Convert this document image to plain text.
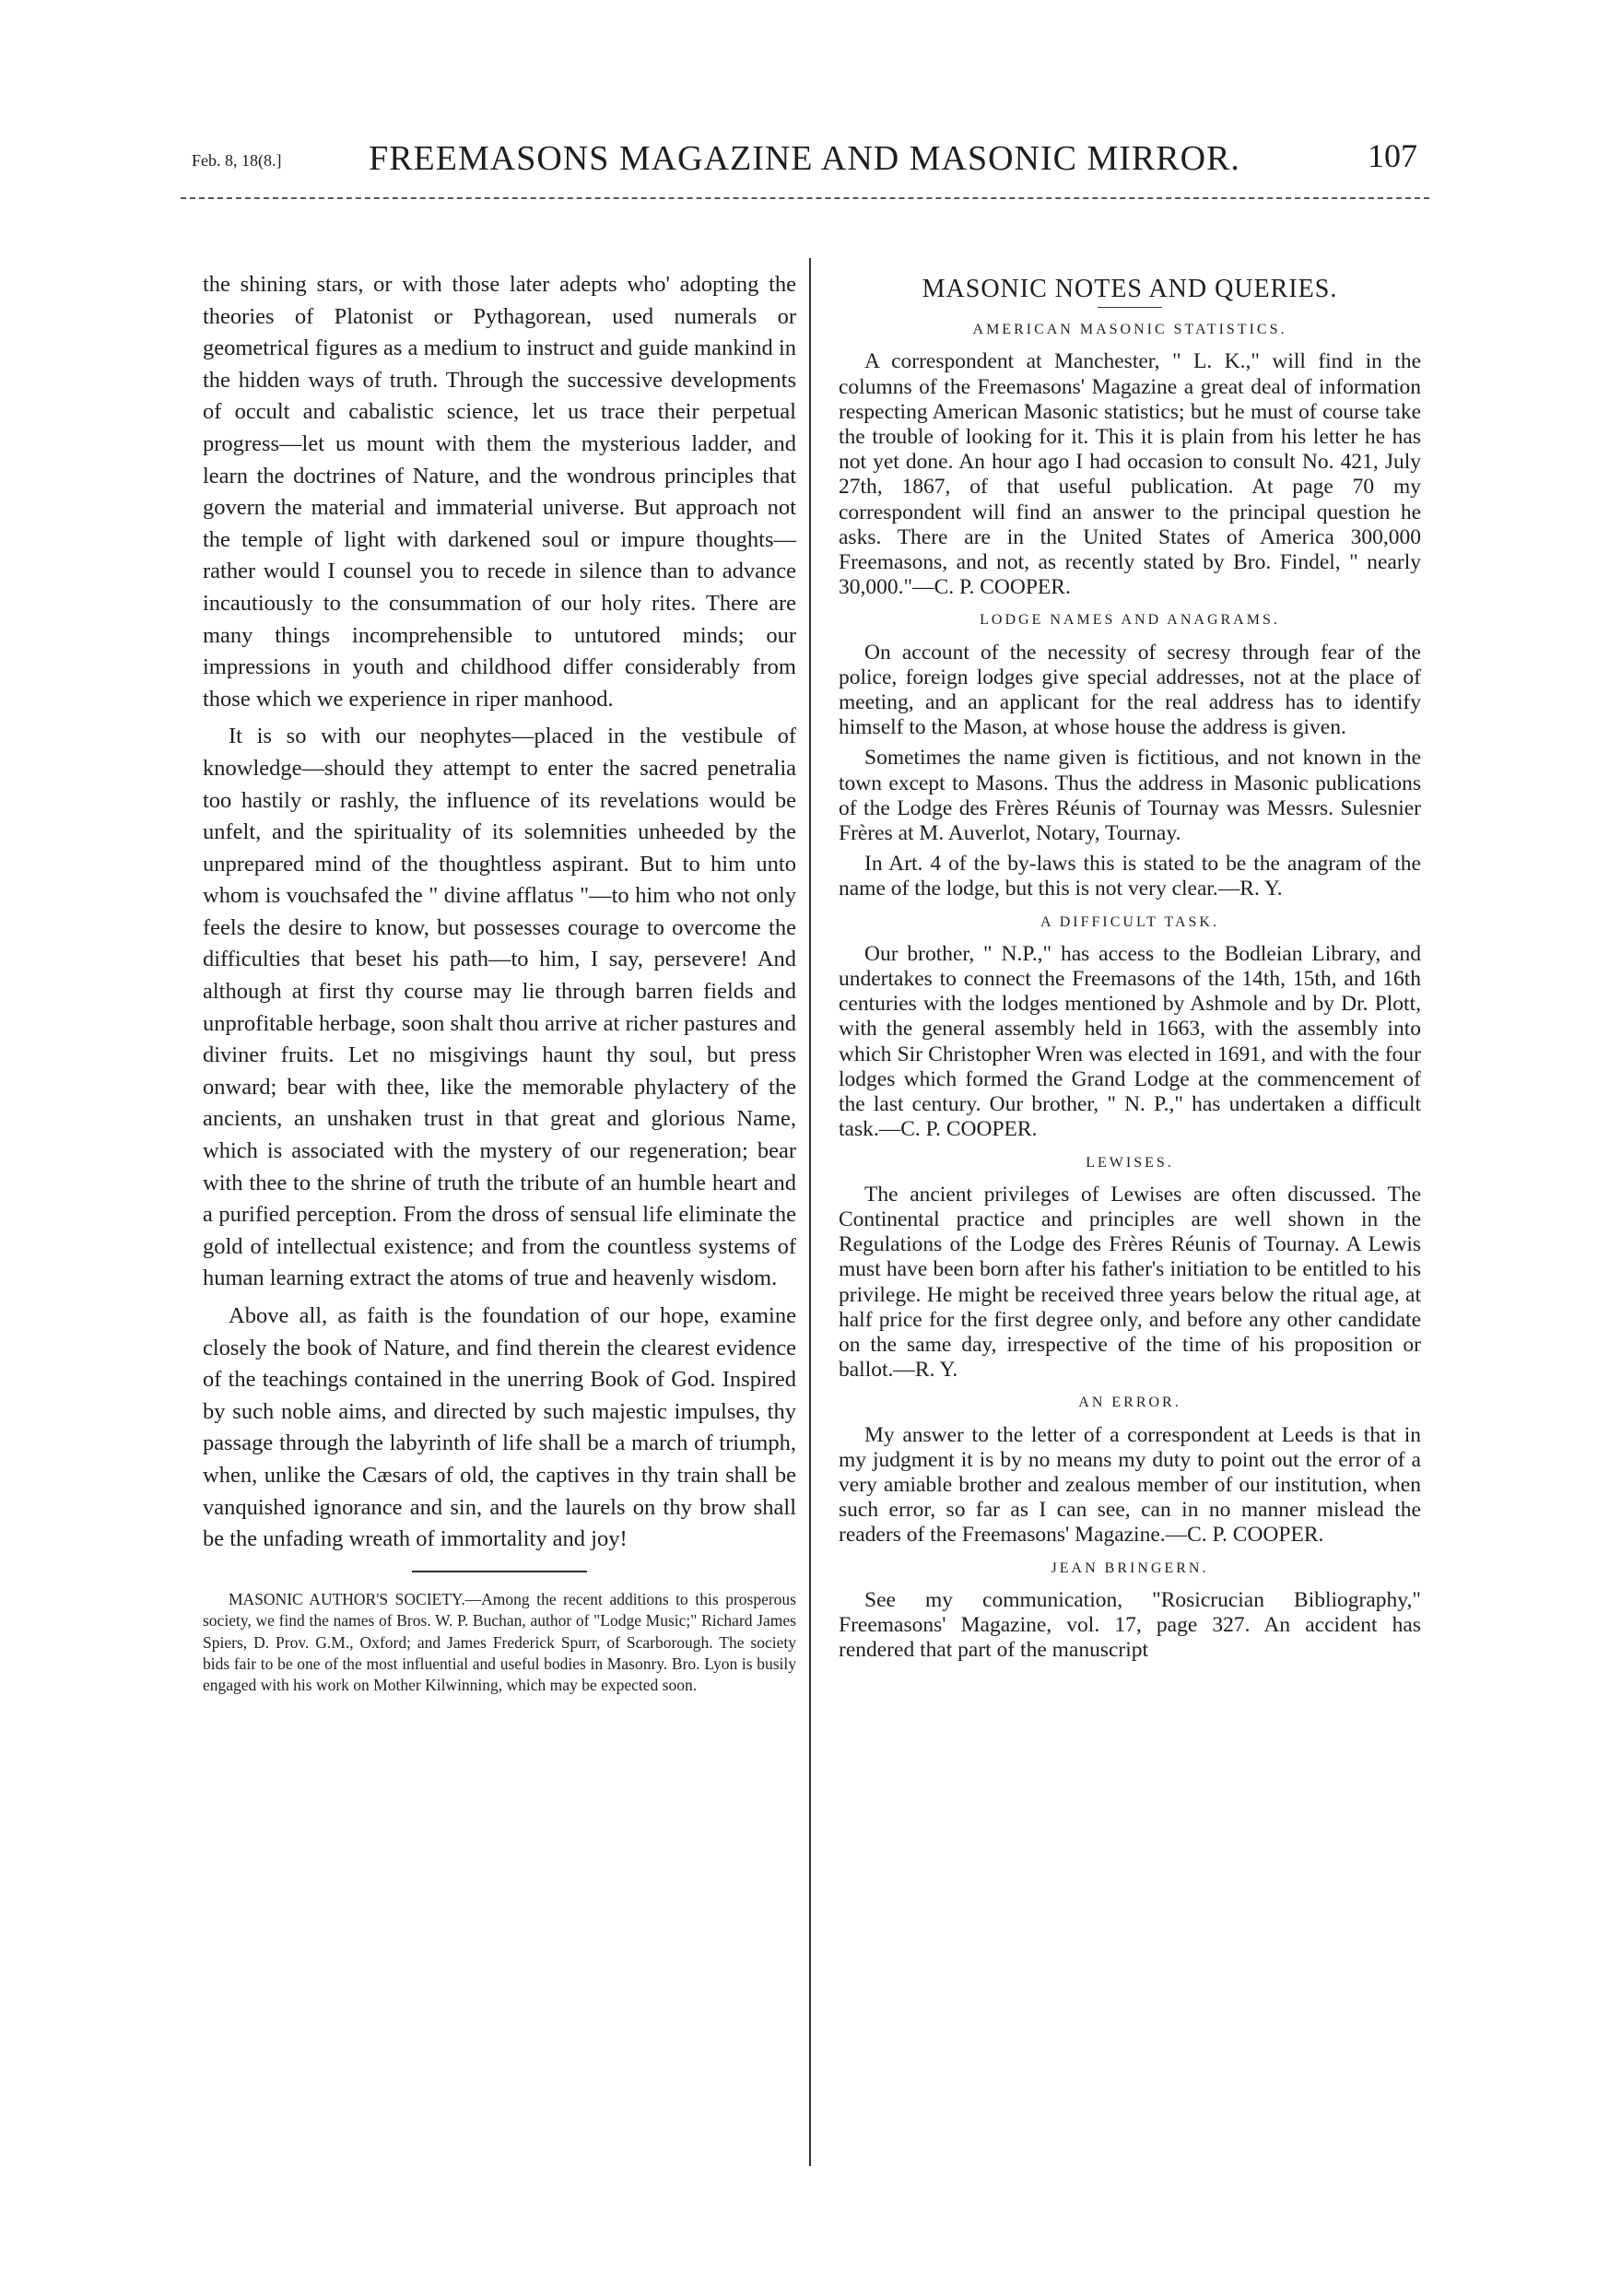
Feb. 8, 18(8.]	FREEMASONS MAGAZINE AND MASONIC MIRROR.	107

the shining stars, or with those later adepts who' adopting the theories of Platonist or Pythagorean, used numerals or geometrical figures as a medium to instruct and guide mankind in the hidden ways of truth. Through the successive developments of occult and cabalistic science, let us trace their perpetual progress—let us mount with them the mysterious ladder, and learn the doctrines of Nature, and the wondrous principles that govern the material and immaterial universe. But approach not the temple of light with darkened soul or impure thoughts—rather would I counsel you to recede in silence than to advance incautiously to the consummation of our holy rites. There are many things incomprehensible to untutored minds; our impressions in youth and childhood differ considerably from those which we experience in riper manhood.

It is so with our neophytes—placed in the vestibule of knowledge—should they attempt to enter the sacred penetralia too hastily or rashly, the influence of its revelations would be unfelt, and the spirituality of its solemnities unheeded by the unprepared mind of the thoughtless aspirant. But to him unto whom is vouchsafed the " divine afflatus "—to him who not only feels the desire to know, but possesses courage to overcome the difficulties that beset his path—to him, I say, persevere! And although at first thy course may lie through barren fields and unprofitable herbage, soon shalt thou arrive at richer pastures and diviner fruits. Let no misgivings haunt thy soul, but press onward; bear with thee, like the memorable phylactery of the ancients, an unshaken trust in that great and glorious Name, which is associated with the mystery of our regeneration; bear with thee to the shrine of truth the tribute of an humble heart and a purified perception. From the dross of sensual life eliminate the gold of intellectual existence; and from the countless systems of human learning extract the atoms of true and heavenly wisdom.

Above all, as faith is the foundation of our hope, examine closely the book of Nature, and find therein the clearest evidence of the teachings contained in the unerring Book of God. Inspired by such noble aims, and directed by such majestic impulses, thy passage through the labyrinth of life shall be a march of triumph, when, unlike the Cæsars of old, the captives in thy train shall be vanquished ignorance and sin, and the laurels on thy brow shall be the unfading wreath of immortality and joy!

MASONIC AUTHOR'S SOCIETY.—Among the recent additions to this prosperous society, we find the names of Bros. W. P. Buchan, author of "Lodge Music;" Richard James Spiers, D. Prov. G.M., Oxford; and James Frederick Spurr, of Scarborough. The society bids fair to be one of the most influential and useful bodies in Masonry. Bro. Lyon is busily engaged with his work on Mother Kilwinning, which may be expected soon.

MASONIC NOTES AND QUERIES.
AMERICAN MASONIC STATISTICS.

A correspondent at Manchester, " L. K.," will find in the columns of the Freemasons' Magazine a great deal of information respecting American Masonic statistics; but he must of course take the trouble of looking for it. This it is plain from his letter he has not yet done. An hour ago I had occasion to consult No. 421, July 27th, 1867, of that useful publication. At page 70 my correspondent will find an answer to the principal question he asks. There are in the United States of America 300,000 Freemasons, and not, as recently stated by Bro. Findel, " nearly 30,000."—C. P. COOPER.

LODGE NAMES AND ANAGRAMS.

On account of the necessity of secresy through fear of the police, foreign lodges give special addresses, not at the place of meeting, and an applicant for the real address has to identify himself to the Mason, at whose house the address is given.

Sometimes the name given is fictitious, and not known in the town except to Masons. Thus the address in Masonic publications of the Lodge des Frères Réunis of Tournay was Messrs. Sulesnier Frères at M. Auverlot, Notary, Tournay.

In Art. 4 of the by-laws this is stated to be the anagram of the name of the lodge, but this is not very clear.—R. Y.

A DIFFICULT TASK.

Our brother, " N.P.," has access to the Bodleian Library, and undertakes to connect the Freemasons of the 14th, 15th, and 16th centuries with the lodges mentioned by Ashmole and by Dr. Plott, with the general assembly held in 1663, with the assembly into which Sir Christopher Wren was elected in 1691, and with the four lodges which formed the Grand Lodge at the commencement of the last century. Our brother, " N. P.," has undertaken a difficult task.—C. P. COOPER.

LEWISES.

The ancient privileges of Lewises are often discussed. The Continental practice and principles are well shown in the Regulations of the Lodge des Frères Réunis of Tournay. A Lewis must have been born after his father's initiation to be entitled to his privilege. He might be received three years below the ritual age, at half price for the first degree only, and before any other candidate on the same day, irrespective of the time of his proposition or ballot.—R. Y.

AN ERROR.

My answer to the letter of a correspondent at Leeds is that in my judgment it is by no means my duty to point out the error of a very amiable brother and zealous member of our institution, when such error, so far as I can see, can in no manner mislead the readers of the Freemasons' Magazine.—C. P. COOPER.

JEAN BRINGERN.

See my communication, "Rosicrucian Bibliography," Freemasons' Magazine, vol. 17, page 327. An accident has rendered that part of the manuscript
